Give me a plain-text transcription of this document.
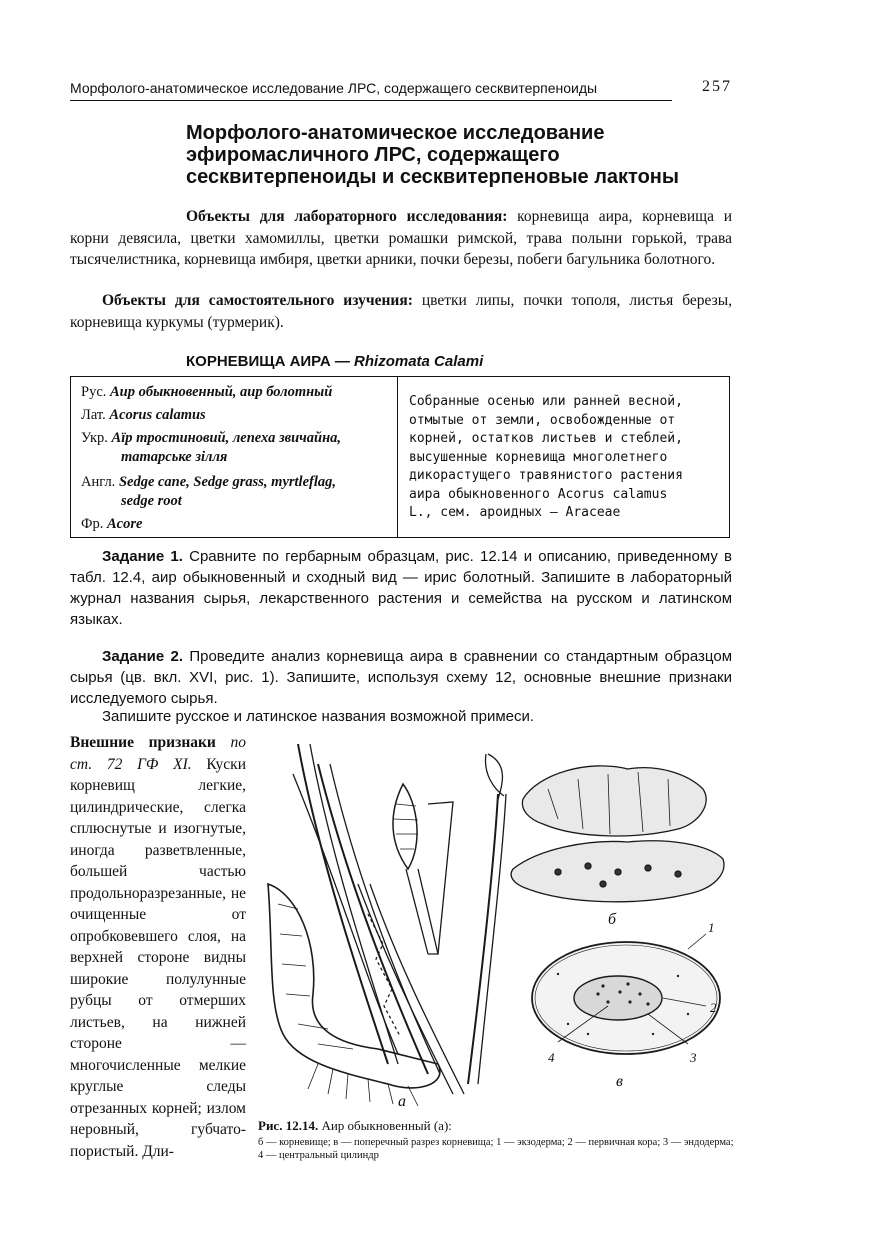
Морфолого-анатомическое исследование ЛРС, содержащего сесквитерпеноиды	257
Морфолого-анатомическое исследование эфиромасличного ЛРС, содержащего сесквитерпеноиды и сесквитерпеновые лактоны
Объекты для лабораторного исследования: корневища аира, корневища и корни девясила, цветки хамомиллы, цветки ромашки римской, трава полыни горькой, трава тысячелистника, корневища имбиря, цветки арники, почки березы, побеги багульника болотного.
Объекты для самостоятельного изучения: цветки липы, почки тополя, листья березы, корневища куркумы (турмерик).
КОРНЕВИЩА АИРА — Rhizomata Calami
Рус. Аир обыкновенный, аир болотный
Лат. Acorus calamus
Укр. Аїр тростиновий, лепеха звичайна,
татарське зілля
Англ. Sedge cane, Sedge grass, myrtleflag,
sedge root
Фр. Acore
Собранные осенью или ранней весной,
отмытые от земли, освобожденные от
корней, остатков листьев и стеблей,
высушенные корневища многолетнего
дикорастущего травянистого растения
аира обыкновенного Acorus calamus
L., сем. ароидных — Araceae
Задание 1. Сравните по гербарным образцам, рис. 12.14 и описанию, приведенному в табл. 12.4, аир обыкновенный и сходный вид — ирис болотный. Запишите в лабораторный журнал названия сырья, лекарственного растения и семейства на русском и латинском языках.
Задание 2. Проведите анализ корневища аира в сравнении со стандартным образцом сырья (цв. вкл. XVI, рис. 1). Запишите, используя схему 12, основные внешние признаки исследуемого сырья.
Запишите русское и латинское названия возможной примеси.
Внешние признаки по ст. 72 ГФ XI. Куски корневищ легкие, цилиндрические, слегка сплюснутые и изогнутые, иногда разветвленные, большей частью продольноразрезанные, не очищенные от опробковевшего слоя, на верхней стороне видны широкие полулунные рубцы от отмерших листьев, на нижней стороне — многочисленные мелкие круглые следы отрезанных корней; излом неровный, губчато-пористый. Дли-
а
б
в
1
2
3
4
Рис. 12.14. Аир обыкновенный (а):
б — корневище; в — поперечный разрез корневища; 1 — экзодерма; 2 — первичная кора; 3 — эндодерма; 4 — центральный цилиндр
